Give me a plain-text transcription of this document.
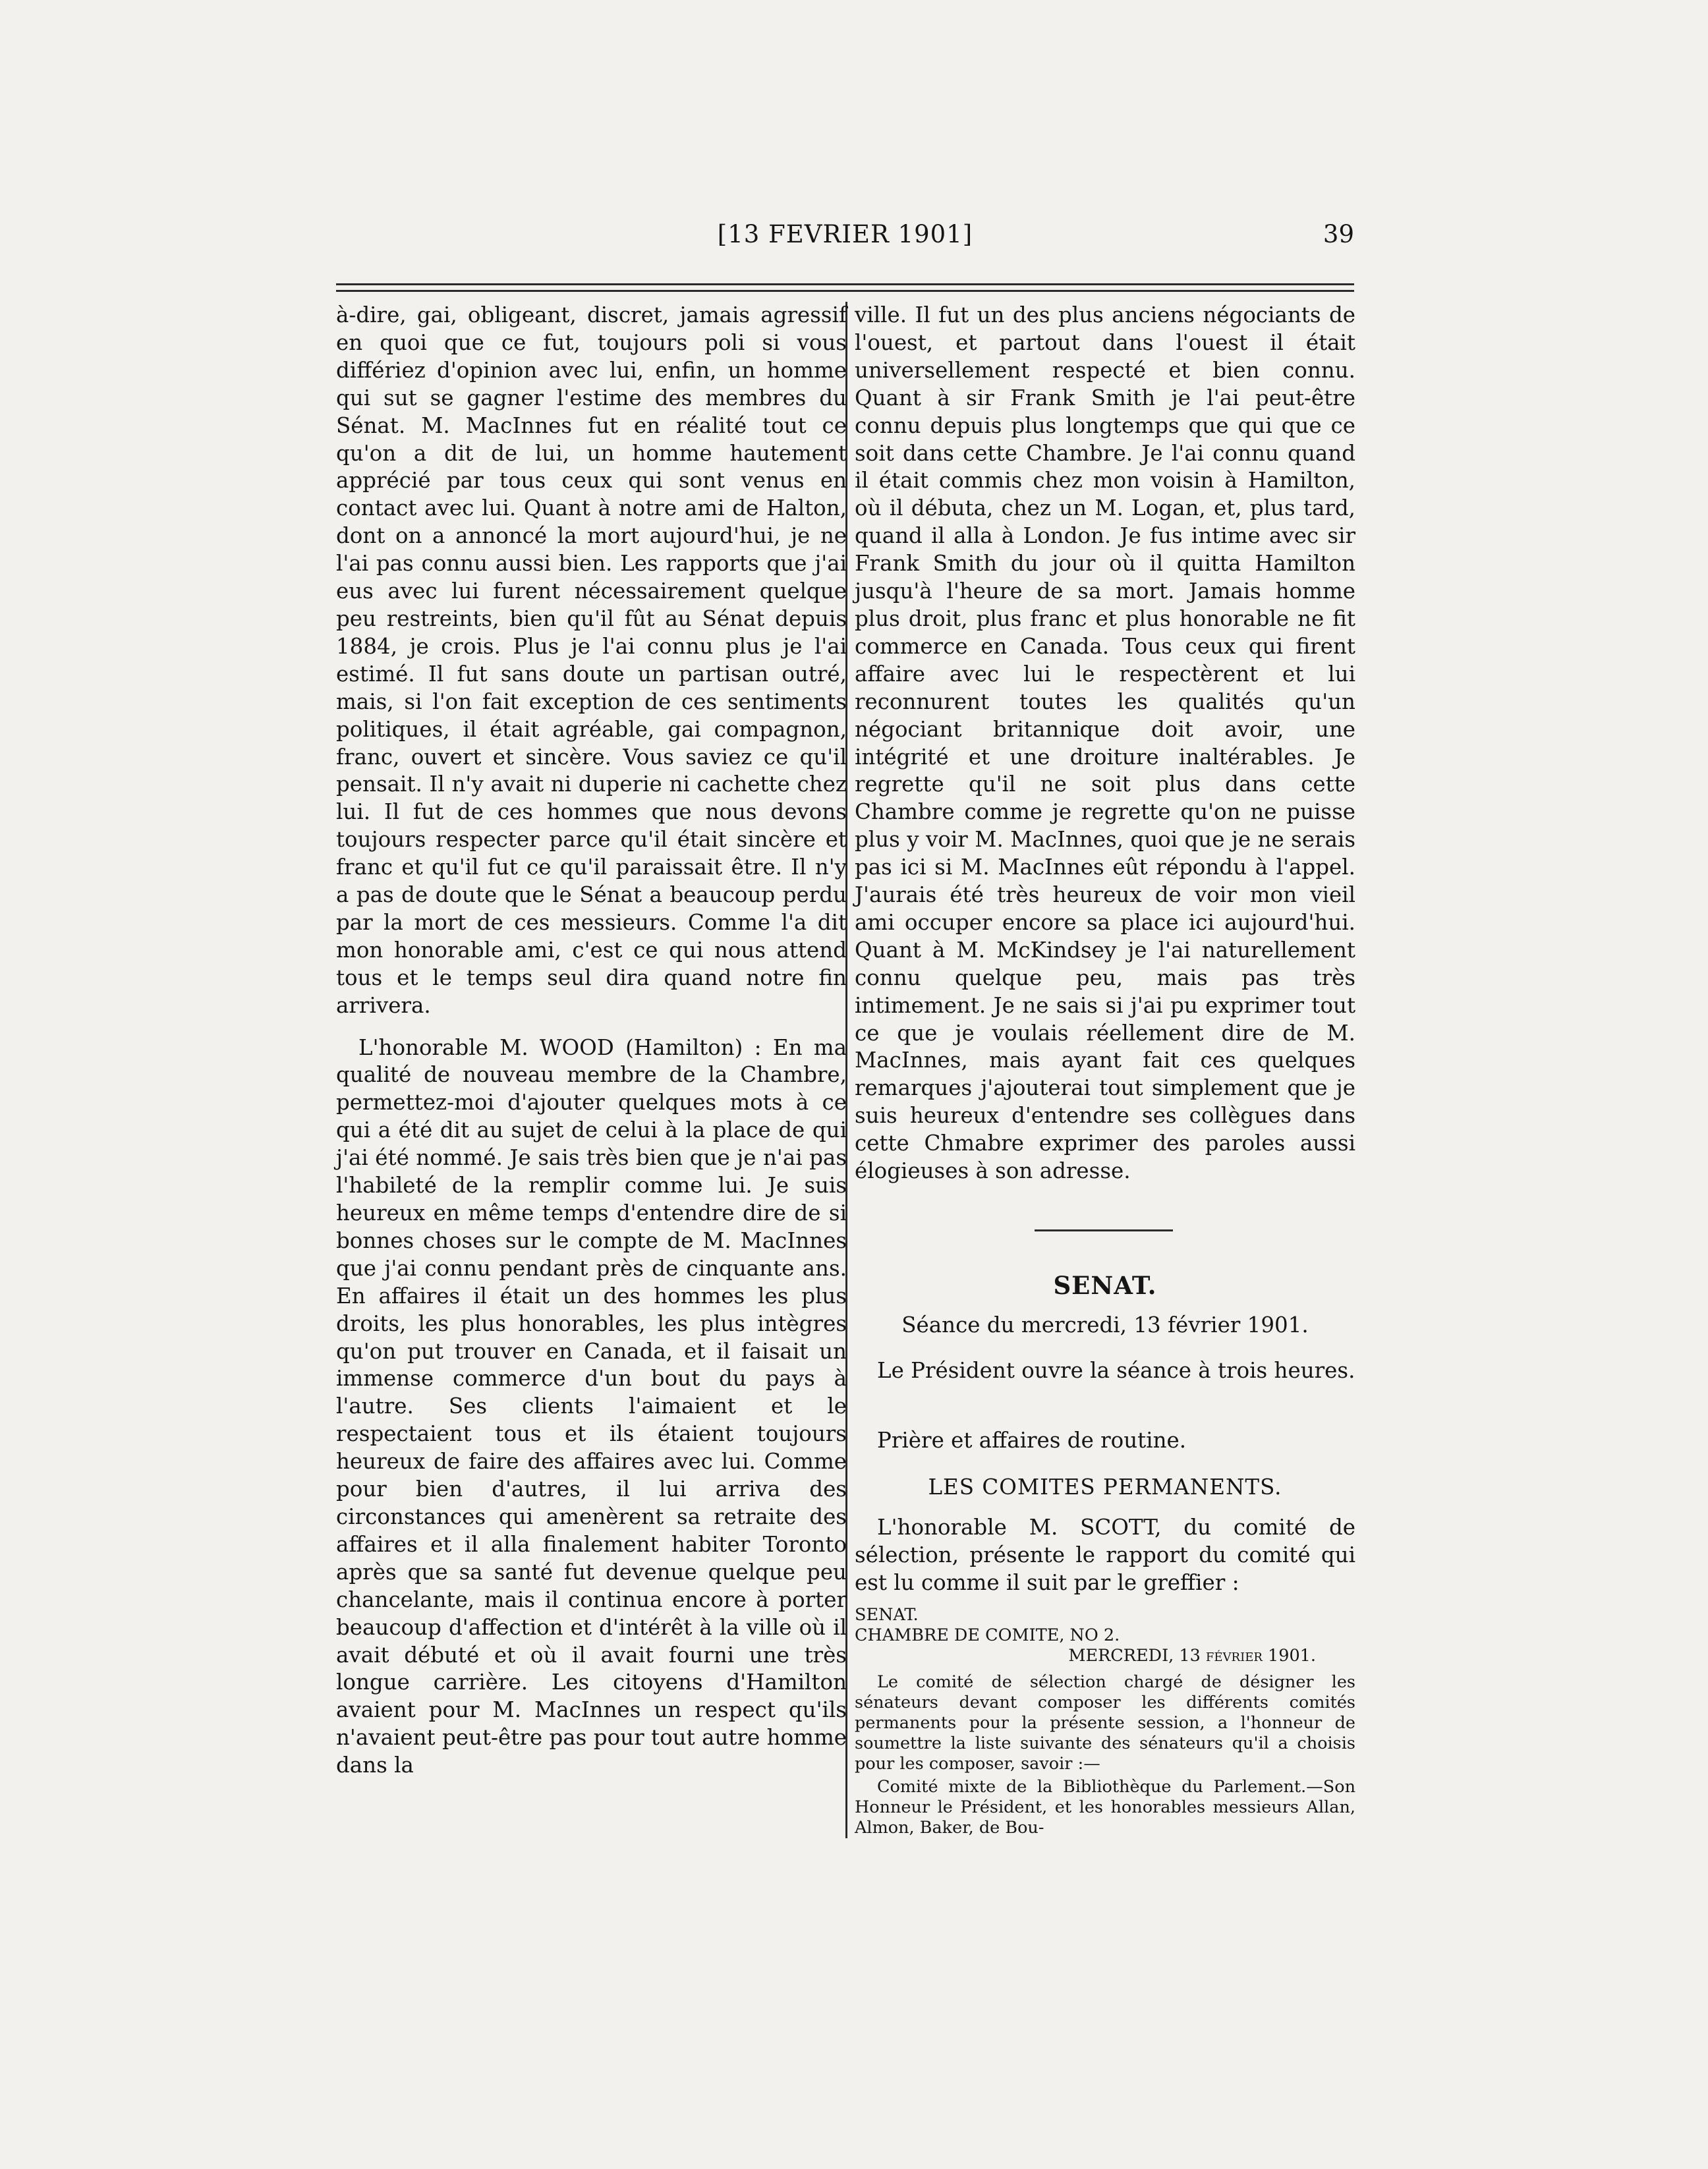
[13 FEVRIER 1901]	39

à-dire, gai, obligeant, discret, jamais agressif en quoi que ce fut, toujours poli si vous différiez d'opinion avec lui, enfin, un homme qui sut se gagner l'estime des membres du Sénat. M. MacInnes fut en réalité tout ce qu'on a dit de lui, un homme hautement apprécié par tous ceux qui sont venus en contact avec lui. Quant à notre ami de Halton, dont on a annoncé la mort aujourd'hui, je ne l'ai pas connu aussi bien. Les rapports que j'ai eus avec lui furent nécessairement quelque peu restreints, bien qu'il fût au Sénat depuis 1884, je crois. Plus je l'ai connu plus je l'ai estimé. Il fut sans doute un partisan outré, mais, si l'on fait exception de ces sentiments politiques, il était agréable, gai compagnon, franc, ouvert et sincère. Vous saviez ce qu'il pensait. Il n'y avait ni duperie ni cachette chez lui. Il fut de ces hommes que nous devons toujours respecter parce qu'il était sincère et franc et qu'il fut ce qu'il paraissait être. Il n'y a pas de doute que le Sénat a beaucoup perdu par la mort de ces messieurs. Comme l'a dit mon honorable ami, c'est ce qui nous attend tous et le temps seul dira quand notre fin arrivera.

L'honorable M. WOOD (Hamilton) : En ma qualité de nouveau membre de la Chambre, permettez-moi d'ajouter quelques mots à ce qui a été dit au sujet de celui à la place de qui j'ai été nommé. Je sais très bien que je n'ai pas l'habileté de la remplir comme lui. Je suis heureux en même temps d'entendre dire de si bonnes choses sur le compte de M. MacInnes que j'ai connu pendant près de cinquante ans. En affaires il était un des hommes les plus droits, les plus honorables, les plus intègres qu'on put trouver en Canada, et il faisait un immense commerce d'un bout du pays à l'autre. Ses clients l'aimaient et le respectaient tous et ils étaient toujours heureux de faire des affaires avec lui. Comme pour bien d'autres, il lui arriva des circonstances qui amenèrent sa retraite des affaires et il alla finalement habiter Toronto après que sa santé fut devenue quelque peu chancelante, mais il continua encore à porter beaucoup d'affection et d'intérêt à la ville où il avait débuté et où il avait fourni une très longue carrière. Les citoyens d'Hamilton avaient pour M. MacInnes un respect qu'ils n'avaient peut-être pas pour tout autre homme dans la

ville. Il fut un des plus anciens négociants de l'ouest, et partout dans l'ouest il était universellement respecté et bien connu. Quant à sir Frank Smith je l'ai peut-être connu depuis plus longtemps que qui que ce soit dans cette Chambre. Je l'ai connu quand il était commis chez mon voisin à Hamilton, où il débuta, chez un M. Logan, et, plus tard, quand il alla à London. Je fus intime avec sir Frank Smith du jour où il quitta Hamilton jusqu'à l'heure de sa mort. Jamais homme plus droit, plus franc et plus honorable ne fit commerce en Canada. Tous ceux qui firent affaire avec lui le respectèrent et lui reconnurent toutes les qualités qu'un négociant britannique doit avoir, une intégrité et une droiture inaltérables. Je regrette qu'il ne soit plus dans cette Chambre comme je regrette qu'on ne puisse plus y voir M. MacInnes, quoi que je ne serais pas ici si M. MacInnes eût répondu à l'appel. J'aurais été très heureux de voir mon vieil ami occuper encore sa place ici aujourd'hui. Quant à M. McKindsey je l'ai naturellement connu quelque peu, mais pas très intimement. Je ne sais si j'ai pu exprimer tout ce que je voulais réellement dire de M. MacInnes, mais ayant fait ces quelques remarques j'ajouterai tout simplement que je suis heureux d'entendre ses collègues dans cette Chmabre exprimer des paroles aussi élogieuses à son adresse.

SENAT.
Séance du mercredi, 13 février 1901.
Le Président ouvre la séance à trois heures.
Prière et affaires de routine.
LES COMITES PERMANENTS.
L'honorable M. SCOTT, du comité de sélection, présente le rapport du comité qui est lu comme il suit par le greffier :
SENAT.
CHAMBRE DE COMITE, NO 2.
MERCREDI, 13 février 1901.
Le comité de sélection chargé de désigner les sénateurs devant composer les différents comités permanents pour la présente session, a l'honneur de soumettre la liste suivante des sénateurs qu'il a choisis pour les composer, savoir :—
Comité mixte de la Bibliothèque du Parlement.—Son Honneur le Président, et les honorables messieurs Allan, Almon, Baker, de Bou-
